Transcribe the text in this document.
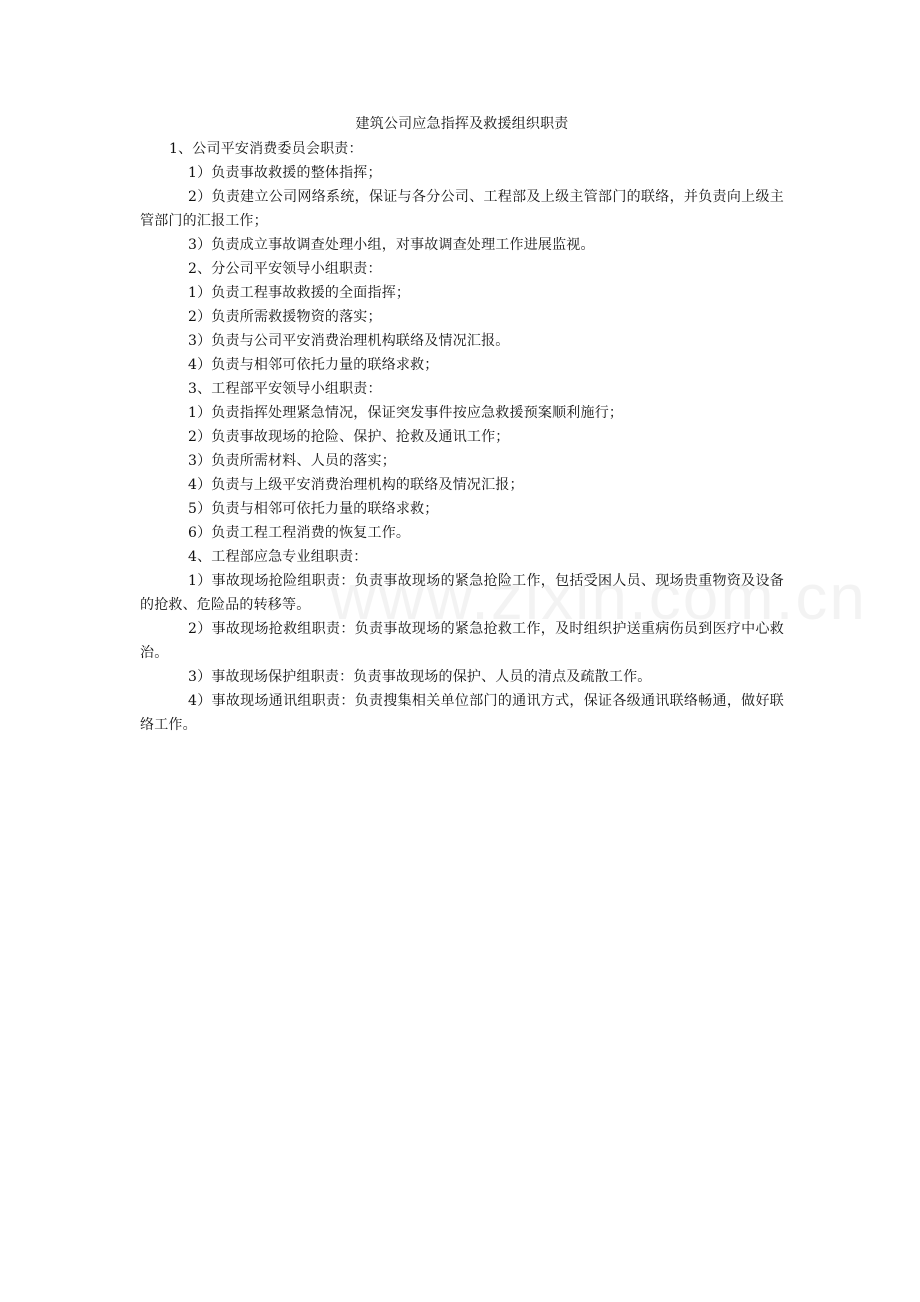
建筑公司应急指挥及救援组织职责

1、公司平安消费委员会职责：

1）负责事故救援的整体指挥；

2）负责建立公司网络系统，保证与各分公司、工程部及上级主管部门的联络，并负责向上级主管部门的汇报工作；

3）负责成立事故调查处理小组，对事故调查处理工作进展监视。

2、分公司平安领导小组职责：

1）负责工程事故救援的全面指挥；

2）负责所需救援物资的落实；

3）负责与公司平安消费治理机构联络及情况汇报。

4）负责与相邻可依托力量的联络求救；

3、工程部平安领导小组职责：

1）负责指挥处理紧急情况，保证突发事件按应急救援预案顺利施行；

2）负责事故现场的抢险、保护、抢救及通讯工作；

3）负责所需材料、人员的落实；

4）负责与上级平安消费治理机构的联络及情况汇报；

5）负责与相邻可依托力量的联络求救；

6）负责工程工程消费的恢复工作。

4、工程部应急专业组职责：

1）事故现场抢险组职责：负责事故现场的紧急抢险工作，包括受困人员、现场贵重物资及设备的抢救、危险品的转移等。

2）事故现场抢救组职责：负责事故现场的紧急抢救工作，及时组织护送重病伤员到医疗中心救治。

3）事故现场保护组职责：负责事故现场的保护、人员的清点及疏散工作。

4）事故现场通讯组职责：负责搜集相关单位部门的通讯方式，保证各级通讯联络畅通，做好联络工作。
